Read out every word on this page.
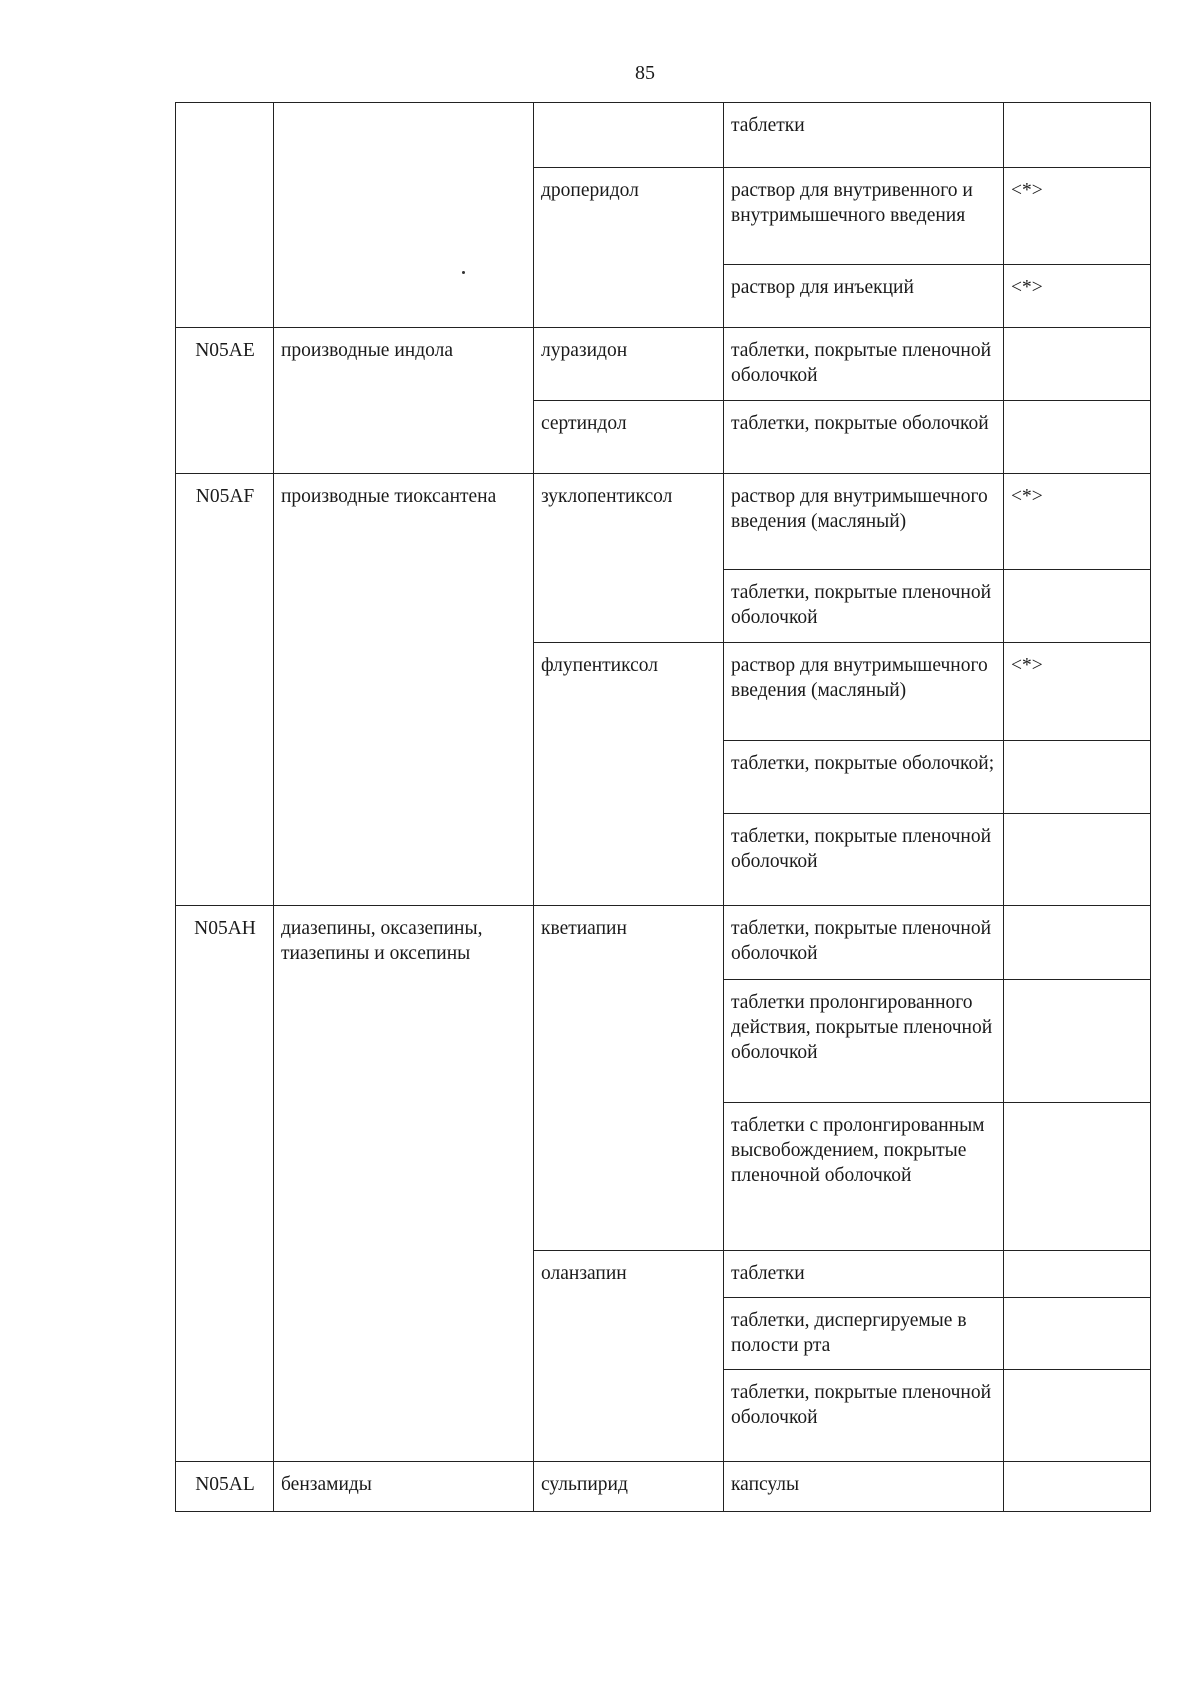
85
			таблетки	
		дроперидол	раствор для внутривенного и внутримышечного введения	<*>
			раствор для инъекций	<*>
N05AE	производные индола	луразидон	таблетки, покрытые пленочной оболочкой	
		сертиндол	таблетки, покрытые оболочкой	
N05AF	производные тиоксантена	зуклопентиксол	раствор для внутримышечного введения (масляный)	<*>
			таблетки, покрытые пленочной оболочкой	
		флупентиксол	раствор для внутримышечного введения (масляный)	<*>
			таблетки, покрытые оболочкой;	
			таблетки, покрытые пленочной оболочкой	
N05AH	диазепины, оксазепины, тиазепины и оксепины	кветиапин	таблетки, покрытые пленочной оболочкой	
			таблетки пролонгированного действия, покрытые пленочной оболочкой	
			таблетки с пролонгированным высвобождением, покрытые пленочной оболочкой	
		оланзапин	таблетки	
			таблетки, диспергируемые в полости рта	
			таблетки, покрытые пленочной оболочкой	
N05AL	бензамиды	сульпирид	капсулы	
